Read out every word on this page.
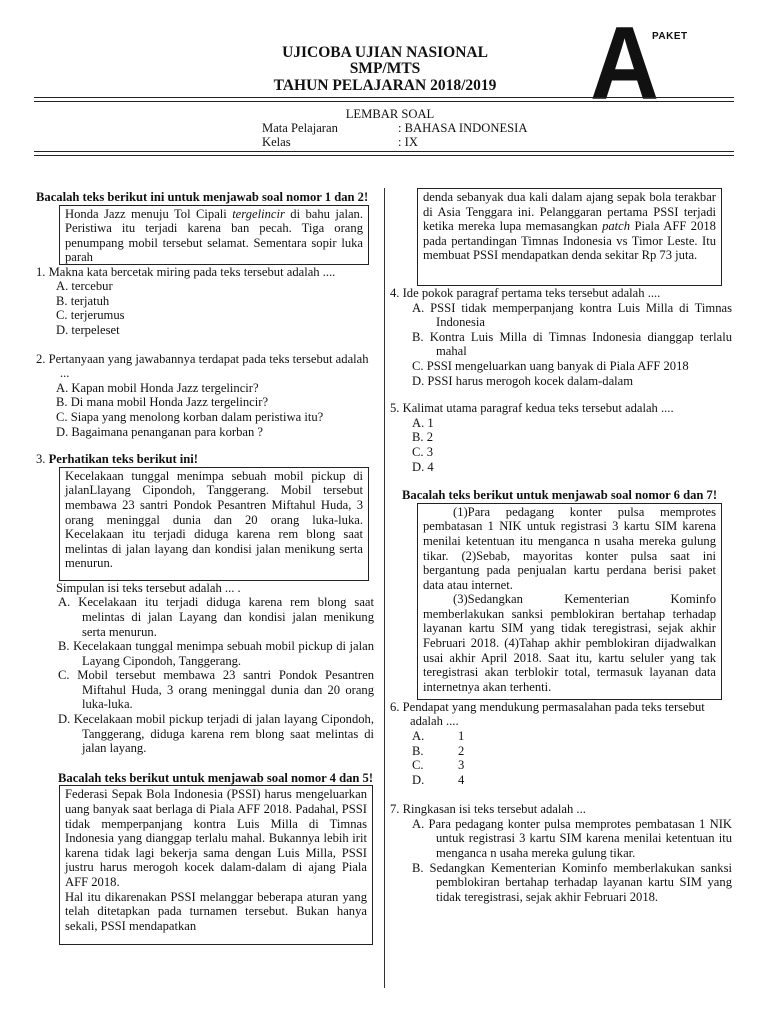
PAKET
A
UJICOBA UJIAN NASIONAL
SMP/MTS
TAHUN PELAJARAN 2018/2019
LEMBAR SOAL
Mata Pelajaran	: BAHASA INDONESIA
Kelas	: IX
Bacalah teks berikut ini untuk menjawab soal nomor 1 dan 2!
Honda Jazz menuju Tol Cipali tergelincir di bahu jalan. Peristiwa itu terjadi karena ban pecah. Tiga orang penumpang mobil tersebut selamat. Sementara sopir luka parah
1. Makna kata bercetak miring pada teks tersebut adalah ....
A. tercebur
B. terjatuh
C. terjerumus
D. terpeleset
2. Pertanyaan yang jawabannya terdapat pada teks tersebut adalah ...
A. Kapan mobil Honda Jazz tergelincir?
B. Di mana mobil Honda Jazz tergelincir?
C. Siapa yang menolong korban dalam peristiwa itu?
D. Bagaimana penanganan para korban ?
3. Perhatikan teks berikut ini!
Kecelakaan tunggal menimpa sebuah mobil pickup di jalanLlayang Cipondoh, Tanggerang. Mobil tersebut membawa 23 santri Pondok Pesantren Miftahul Huda, 3 orang meninggal dunia dan 20 orang luka-luka. Kecelakaan itu terjadi diduga karena rem blong saat melintas di jalan layang dan kondisi jalan menikung serta menurun.
Simpulan isi teks tersebut adalah ... .
A. Kecelakaan itu terjadi diduga karena rem blong saat melintas di jalan Layang dan kondisi jalan menikung serta menurun.
B. Kecelakaan tunggal menimpa sebuah mobil pickup di jalan Layang Cipondoh, Tanggerang.
C. Mobil tersebut membawa 23 santri Pondok Pesantren Miftahul Huda, 3 orang meninggal dunia dan 20 orang luka-luka.
D. Kecelakaan mobil pickup terjadi di jalan layang Cipondoh, Tanggerang, diduga karena rem blong saat melintas di jalan layang.
Bacalah teks berikut untuk menjawab soal nomor 4 dan 5!
Federasi Sepak Bola Indonesia (PSSI) harus mengeluarkan uang banyak saat berlaga di Piala AFF 2018. Padahal, PSSI tidak memperpanjang kontra Luis Milla di Timnas Indonesia yang dianggap terlalu mahal. Bukannya lebih irit karena tidak lagi bekerja sama dengan Luis Milla, PSSI justru harus merogoh kocek dalam-dalam di ajang Piala AFF 2018.
Hal itu dikarenakan PSSI melanggar beberapa aturan yang telah ditetapkan pada turnamen tersebut. Bukan hanya sekali, PSSI mendapatkan
denda sebanyak dua kali dalam ajang sepak bola terakbar di Asia Tenggara ini. Pelanggaran pertama PSSI terjadi ketika mereka lupa memasangkan patch Piala AFF 2018 pada pertandingan Timnas Indonesia vs Timor Leste. Itu membuat PSSI mendapatkan denda sekitar Rp 73 juta.
4. Ide pokok paragraf pertama teks tersebut adalah ....
A. PSSI tidak memperpanjang kontra Luis Milla di Timnas Indonesia
B. Kontra Luis Milla di Timnas Indonesia dianggap terlalu mahal
C. PSSI mengeluarkan uang banyak di Piala AFF 2018
D. PSSI harus merogoh kocek dalam-dalam
5. Kalimat utama paragraf kedua teks tersebut adalah ....
A. 1
B. 2
C. 3
D. 4
Bacalah teks berikut untuk menjawab soal nomor 6 dan 7!
(1)Para pedagang konter pulsa memprotes pembatasan 1 NIK untuk registrasi 3 kartu SIM karena menilai ketentuan itu menganca n usaha mereka gulung tikar. (2)Sebab, mayoritas konter pulsa saat ini bergantung pada penjualan kartu perdana berisi paket data atau internet.
(3)Sedangkan Kementerian Kominfo memberlakukan sanksi pemblokiran bertahap terhadap layanan kartu SIM yang tidak teregistrasi, sejak akhir Februari 2018. (4)Tahap akhir pemblokiran dijadwalkan usai akhir April 2018. Saat itu, kartu seluler yang tak teregistrasi akan terblokir total, termasuk layanan data internetnya akan terhenti.
6. Pendapat yang mendukung permasalahan pada teks tersebut adalah ....
A.	1
B.	2
C.	3
D.	4
7. Ringkasan isi teks tersebut adalah ...
A. Para pedagang konter pulsa memprotes pembatasan 1 NIK untuk registrasi 3 kartu SIM karena menilai ketentuan itu menganca n usaha mereka gulung tikar.
B. Sedangkan Kementerian Kominfo memberlakukan sanksi pemblokiran bertahap terhadap layanan kartu SIM yang tidak teregistrasi, sejak akhir Februari 2018.
